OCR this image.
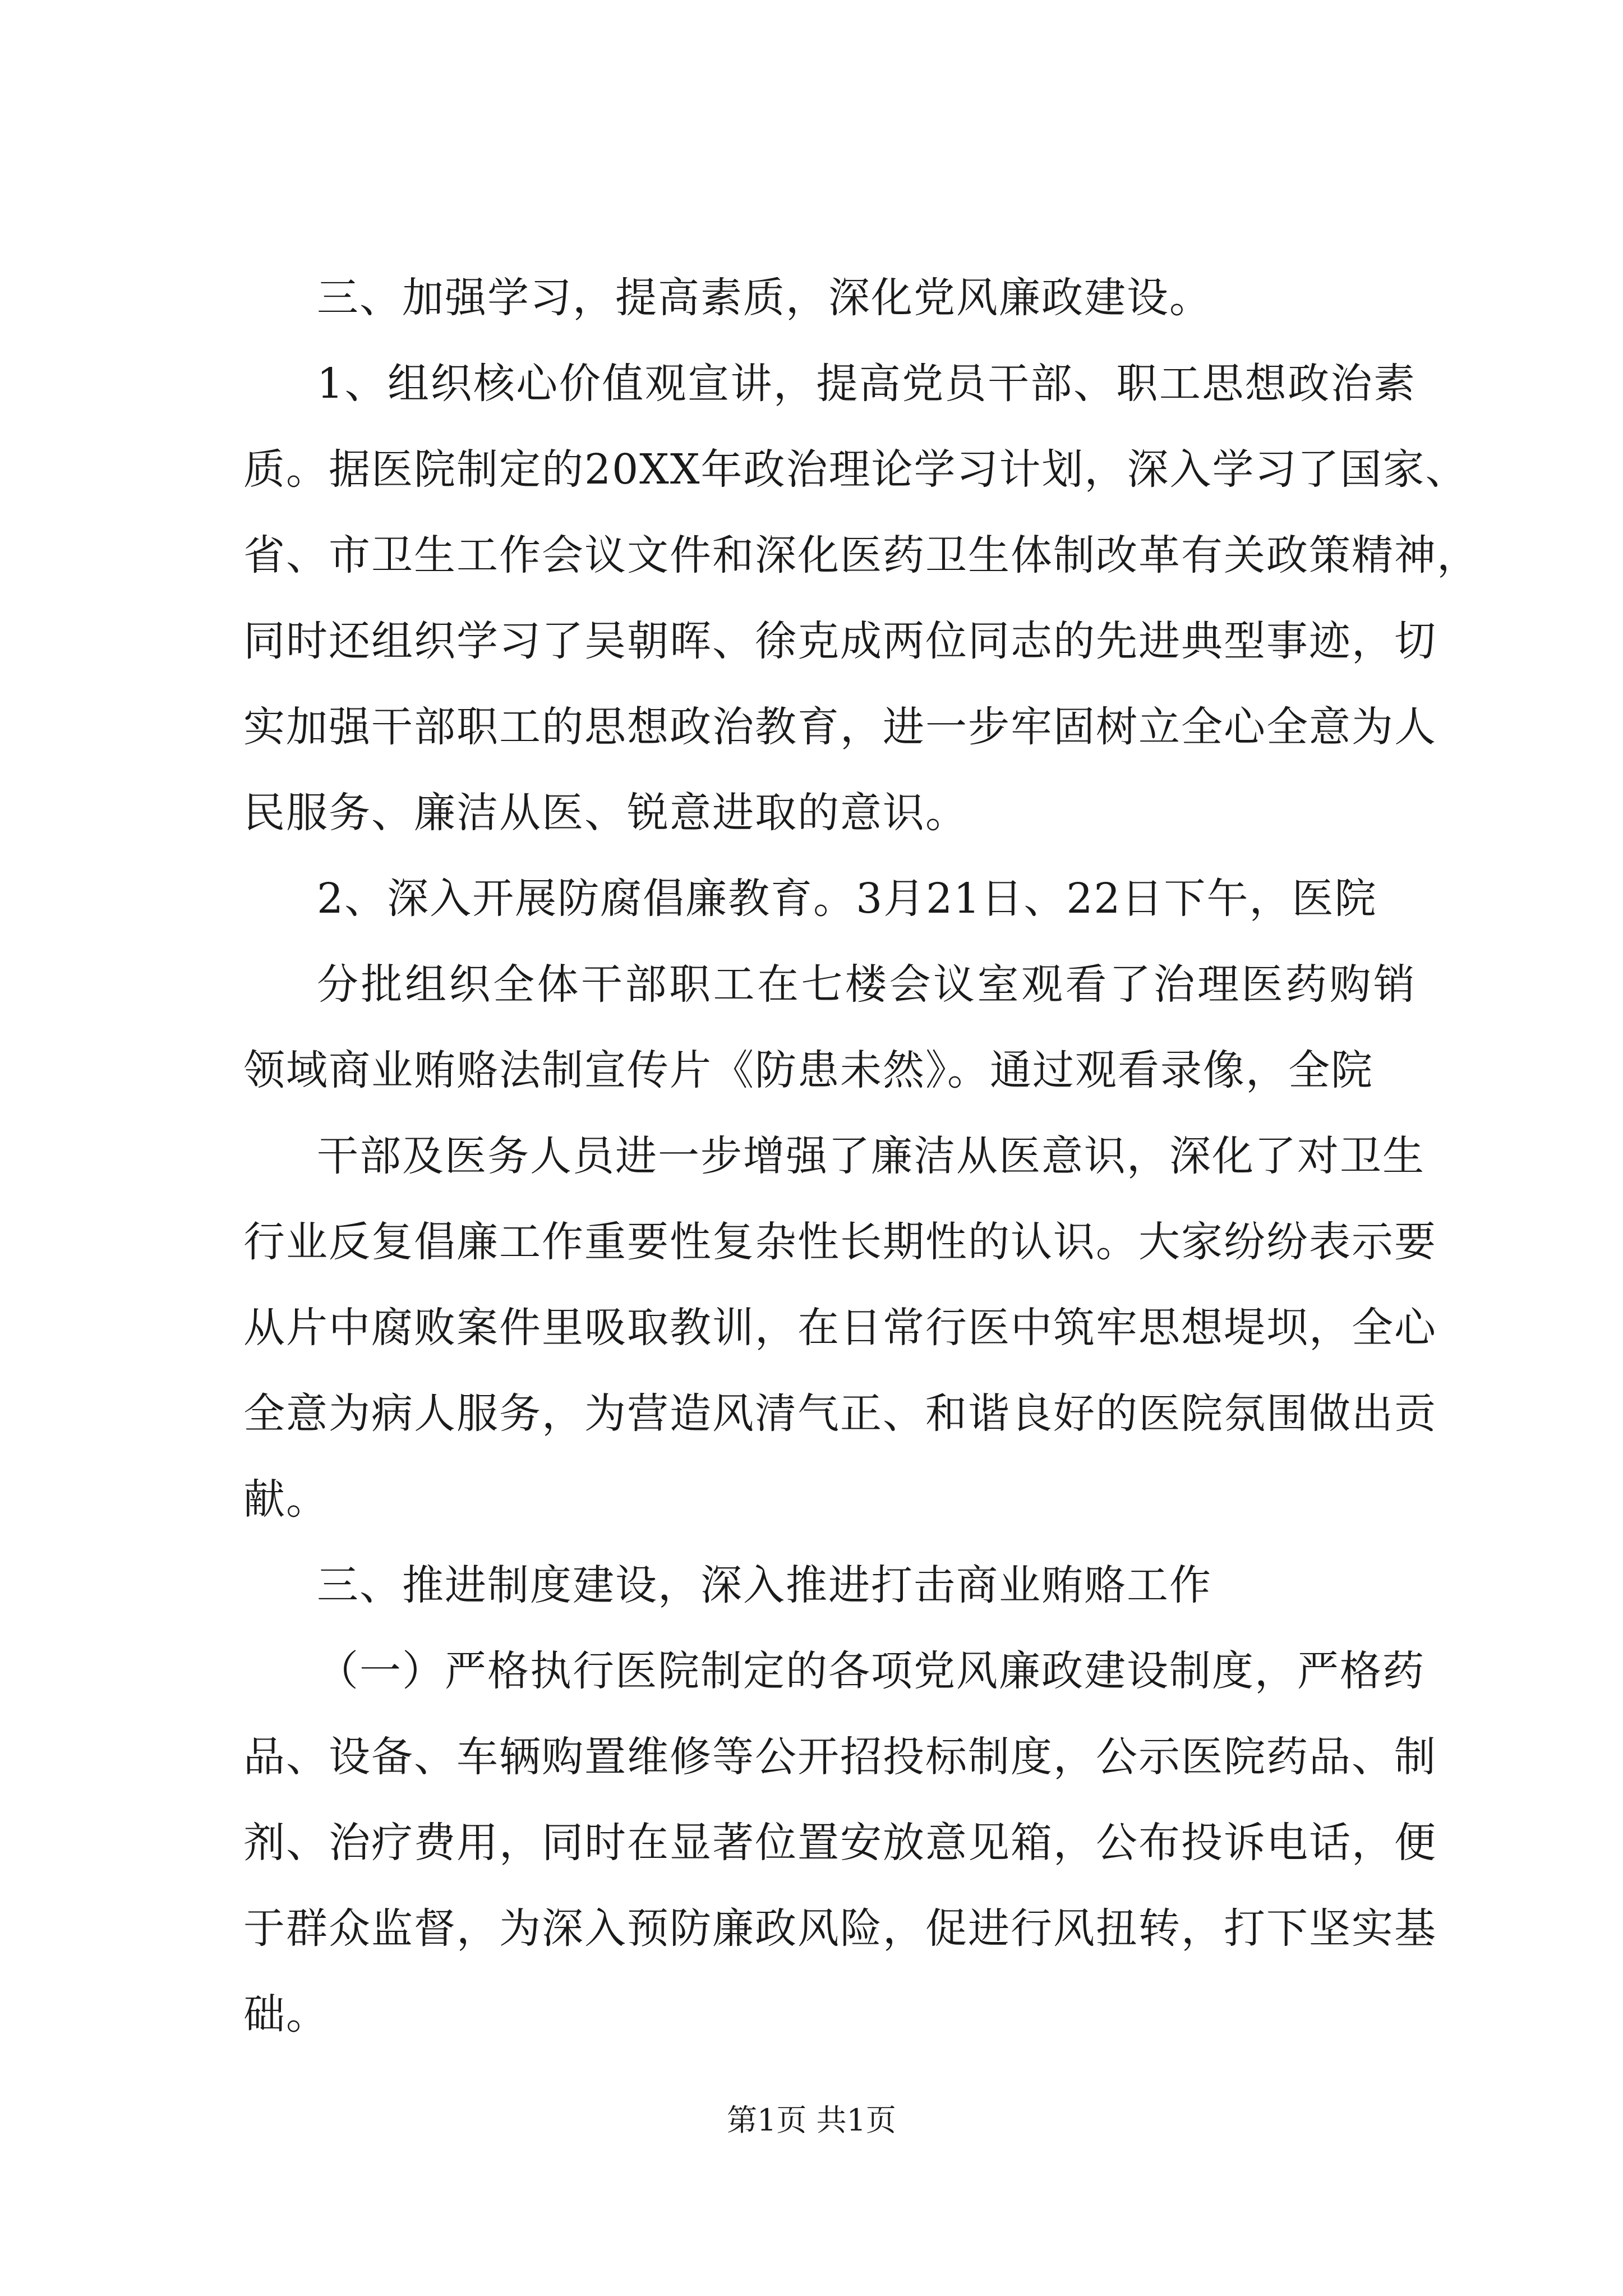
三、加强学习，提高素质，深化党风廉政建设。
1、组织核心价值观宣讲，提高党员干部、职工思想政治素
质。据医院制定的20XX年政治理论学习计划，深入学习了国家、
省、市卫生工作会议文件和深化医药卫生体制改革有关政策精神，
同时还组织学习了吴朝晖、徐克成两位同志的先进典型事迹，切
实加强干部职工的思想政治教育，进一步牢固树立全心全意为人
民服务、廉洁从医、锐意进取的意识。
2、深入开展防腐倡廉教育。3月21日、22日下午，医院
分批组织全体干部职工在七楼会议室观看了治理医药购销
领域商业贿赂法制宣传片《防患未然》。通过观看录像，全院
干部及医务人员进一步增强了廉洁从医意识，深化了对卫生
行业反复倡廉工作重要性复杂性长期性的认识。大家纷纷表示要
从片中腐败案件里吸取教训，在日常行医中筑牢思想堤坝，全心
全意为病人服务，为营造风清气正、和谐良好的医院氛围做出贡
献。
三、推进制度建设，深入推进打击商业贿赂工作
（一）严格执行医院制定的各项党风廉政建设制度，严格药
品、设备、车辆购置维修等公开招投标制度，公示医院药品、制
剂、治疗费用，同时在显著位置安放意见箱，公布投诉电话，便
于群众监督，为深入预防廉政风险，促进行风扭转，打下坚实基
础。
第1页 共1页
